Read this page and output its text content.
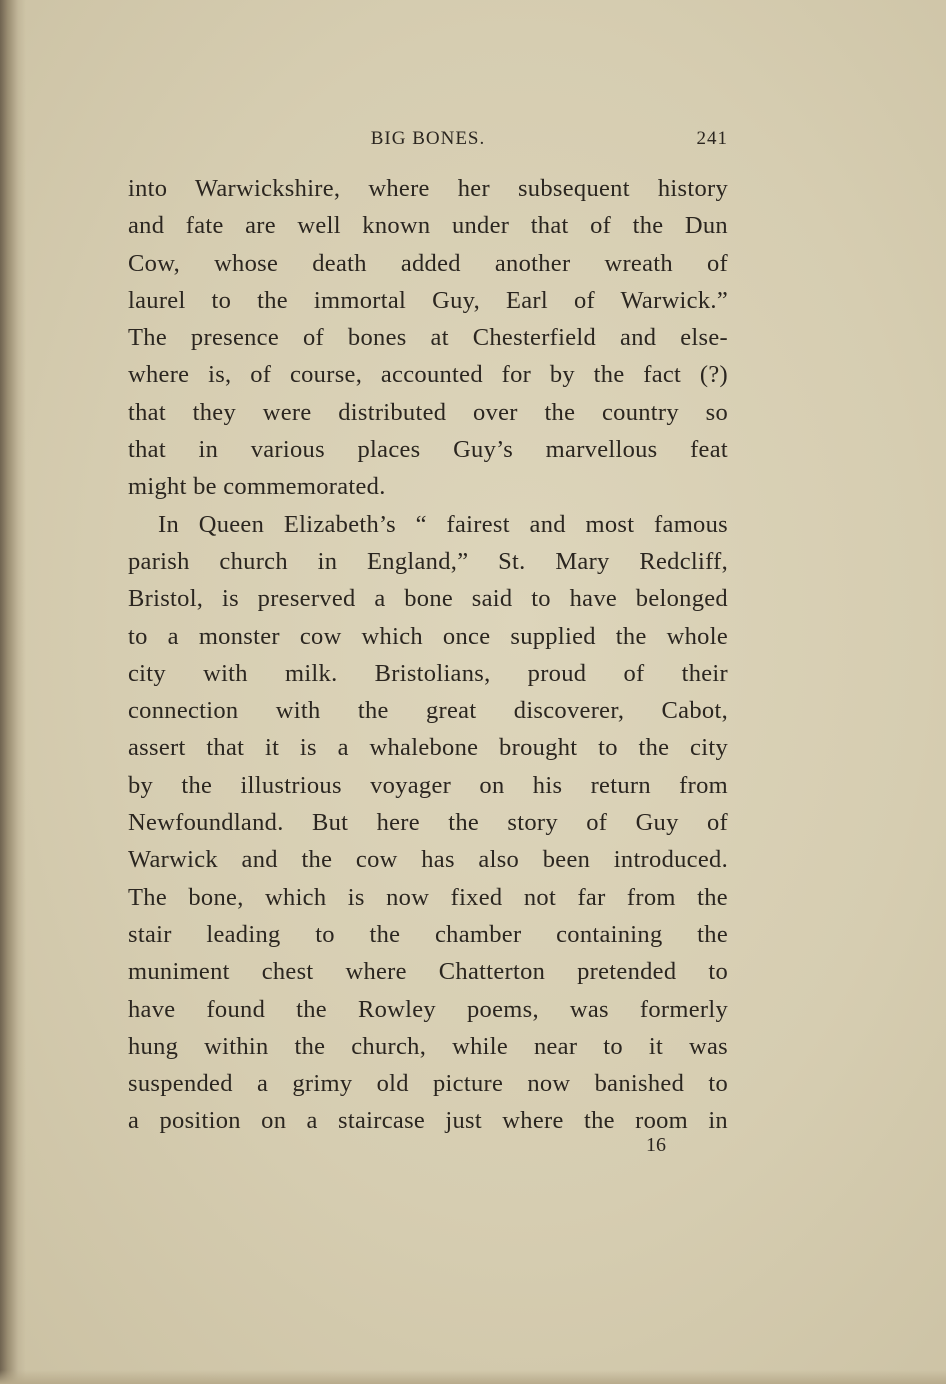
BIG BONES.	241
into Warwickshire, where her subsequent history
and fate are well known under that of the Dun
Cow, whose death added another wreath of
laurel to the immortal Guy, Earl of Warwick.”
The presence of bones at Chesterfield and else-
where is, of course, accounted for by the fact (?)
that they were distributed over the country so
that in various places Guy’s marvellous feat
might be commemorated.
In Queen Elizabeth’s “ fairest and most famous
parish church in England,” St. Mary Redcliff,
Bristol, is preserved a bone said to have belonged
to a monster cow which once supplied the whole
city with milk. Bristolians, proud of their
connection with the great discoverer, Cabot,
assert that it is a whalebone brought to the city
by the illustrious voyager on his return from
Newfoundland. But here the story of Guy of
Warwick and the cow has also been introduced.
The bone, which is now fixed not far from the
stair leading to the chamber containing the
muniment chest where Chatterton pretended to
have found the Rowley poems, was formerly
hung within the church, while near to it was
suspended a grimy old picture now banished to
a position on a staircase just where the room in
16
